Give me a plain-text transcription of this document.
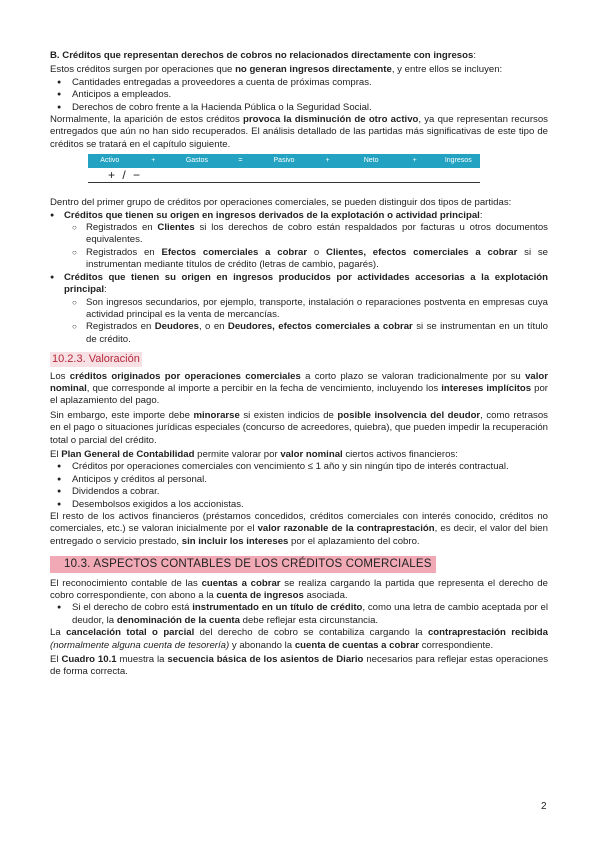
B. Créditos que representan derechos de cobros no relacionados directamente con ingresos:

Estos créditos surgen por operaciones que no generan ingresos directamente, y entre ellos se incluyen:

● Cantidades entregadas a proveedores a cuenta de próximas compras.
● Anticipos a empleados.
● Derechos de cobro frente a la Hacienda Pública o la Seguridad Social.

Normalmente, la aparición de estos créditos provoca la disminución de otro activo, ya que representan recursos entregados que aún no han sido recuperados. El análisis detallado de las partidas más significativas de este tipo de créditos se tratará en el capítulo siguiente.

Activo	+	Gastos	=	Pasivo	+	Neto	+	Ingresos
+ / −

Dentro del primer grupo de créditos por operaciones comerciales, se pueden distinguir dos tipos de partidas:

● Créditos que tienen su origen en ingresos derivados de la explotación o actividad principal:
○ Registrados en Clientes si los derechos de cobro están respaldados por facturas u otros documentos equivalentes.
○ Registrados en Efectos comerciales a cobrar o Clientes, efectos comerciales a cobrar si se instrumentan mediante títulos de crédito (letras de cambio, pagarés).
● Créditos que tienen su origen en ingresos producidos por actividades accesorias a la explotación principal:
○ Son ingresos secundarios, por ejemplo, transporte, instalación o reparaciones postventa en empresas cuya actividad principal es la venta de mercancías.
○ Registrados en Deudores, o en Deudores, efectos comerciales a cobrar si se instrumentan en un título de crédito.
10.2.3. Valoración

Los créditos originados por operaciones comerciales a corto plazo se valoran tradicionalmente por su valor nominal, que corresponde al importe a percibir en la fecha de vencimiento, incluyendo los intereses implícitos por el aplazamiento del pago.

Sin embargo, este importe debe minorarse si existen indicios de posible insolvencia del deudor, como retrasos en el pago o situaciones jurídicas especiales (concurso de acreedores, quiebra), que pueden impedir la recuperación total o parcial del crédito.

El Plan General de Contabilidad permite valorar por valor nominal ciertos activos financieros:

● Créditos por operaciones comerciales con vencimiento ≤ 1 año y sin ningún tipo de interés contractual.
● Anticipos y créditos al personal.
● Dividendos a cobrar.
● Desembolsos exigidos a los accionistas.

El resto de los activos financieros (préstamos concedidos, créditos comerciales con interés conocido, créditos no comerciales, etc.) se valoran inicialmente por el valor razonable de la contraprestación, es decir, el valor del bien entregado o servicio prestado, sin incluir los intereses por el aplazamiento del cobro.

10.3. ASPECTOS CONTABLES DE LOS CRÉDITOS COMERCIALES

El reconocimiento contable de las cuentas a cobrar se realiza cargando la partida que representa el derecho de cobro correspondiente, con abono a la cuenta de ingresos asociada.

● Si el derecho de cobro está instrumentado en un título de crédito, como una letra de cambio aceptada por el deudor, la denominación de la cuenta debe reflejar esta circunstancia.

La cancelación total o parcial del derecho de cobro se contabiliza cargando la contraprestación recibida (normalmente alguna cuenta de tesorería) y abonando la cuenta de cuentas a cobrar correspondiente.

El Cuadro 10.1 muestra la secuencia básica de los asientos de Diario necesarios para reflejar estas operaciones de forma correcta.

2
